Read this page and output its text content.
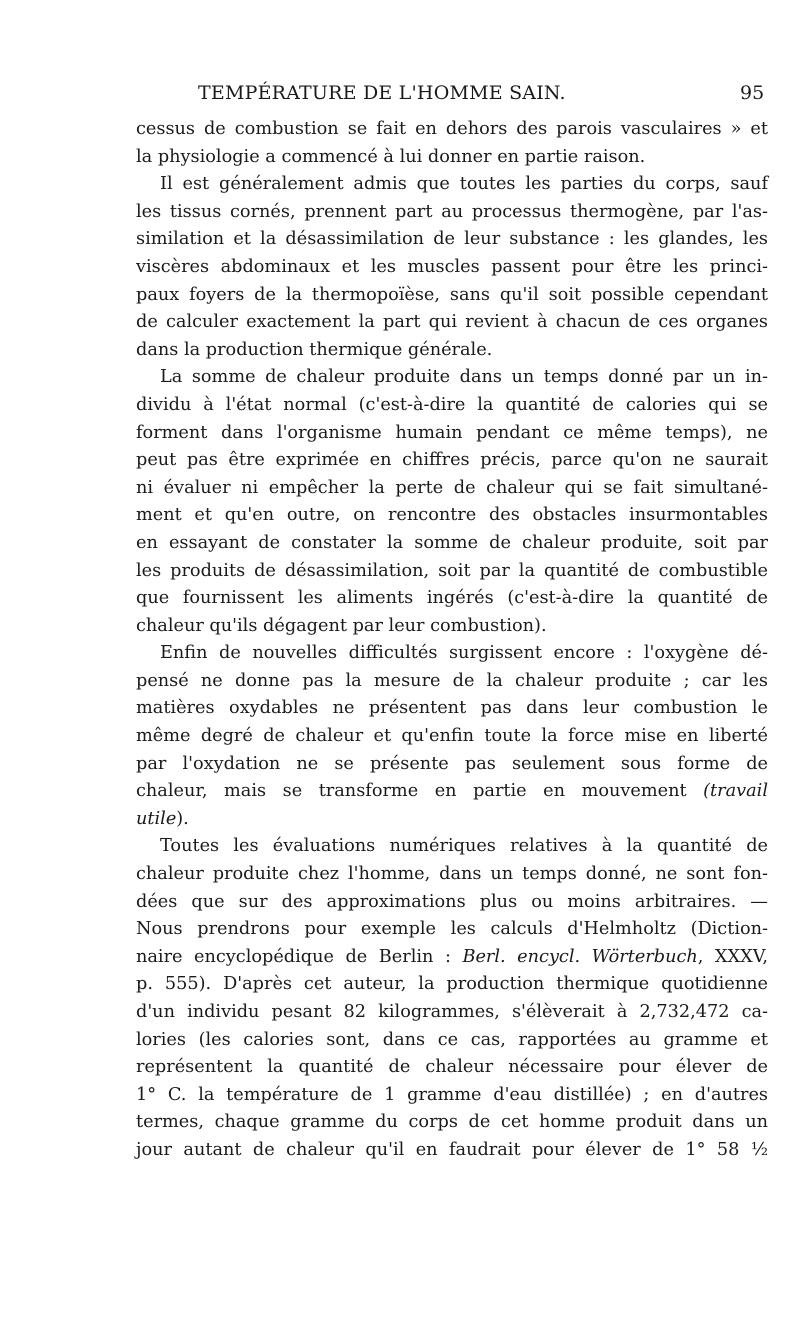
TEMPÉRATURE DE L'HOMME SAIN.	95
cessus de combustion se fait en dehors des parois vasculaires » et
la physiologie a commencé à lui donner en partie raison.
Il est généralement admis que toutes les parties du corps, sauf
les tissus cornés, prennent part au processus thermogène, par l'as-
similation et la désassimilation de leur substance : les glandes, les
viscères abdominaux et les muscles passent pour être les princi-
paux foyers de la thermopoïèse, sans qu'il soit possible cependant
de calculer exactement la part qui revient à chacun de ces organes
dans la production thermique générale.
La somme de chaleur produite dans un temps donné par un in-
dividu à l'état normal (c'est-à-dire la quantité de calories qui se
forment dans l'organisme humain pendant ce même temps), ne
peut pas être exprimée en chiffres précis, parce qu'on ne saurait
ni évaluer ni empêcher la perte de chaleur qui se fait simultané-
ment et qu'en outre, on rencontre des obstacles insurmontables
en essayant de constater la somme de chaleur produite, soit par
les produits de désassimilation, soit par la quantité de combustible
que fournissent les aliments ingérés (c'est-à-dire la quantité de
chaleur qu'ils dégagent par leur combustion).
Enfin de nouvelles difficultés surgissent encore : l'oxygène dé-
pensé ne donne pas la mesure de la chaleur produite ; car les
matières oxydables ne présentent pas dans leur combustion le
même degré de chaleur et qu'enfin toute la force mise en liberté
par l'oxydation ne se présente pas seulement sous forme de
chaleur, mais se transforme en partie en mouvement (travail
utile).
Toutes les évaluations numériques relatives à la quantité de
chaleur produite chez l'homme, dans un temps donné, ne sont fon-
dées que sur des approximations plus ou moins arbitraires. —
Nous prendrons pour exemple les calculs d'Helmholtz (Diction-
naire encyclopédique de Berlin : Berl. encycl. Wörterbuch, XXXV,
p. 555). D'après cet auteur, la production thermique quotidienne
d'un individu pesant 82 kilogrammes, s'élèverait à 2,732,472 ca-
lories (les calories sont, dans ce cas, rapportées au gramme et
représentent la quantité de chaleur nécessaire pour élever de
1° C. la température de 1 gramme d'eau distillée) ; en d'autres
termes, chaque gramme du corps de cet homme produit dans un
jour autant de chaleur qu'il en faudrait pour élever de 1° 58 ½
